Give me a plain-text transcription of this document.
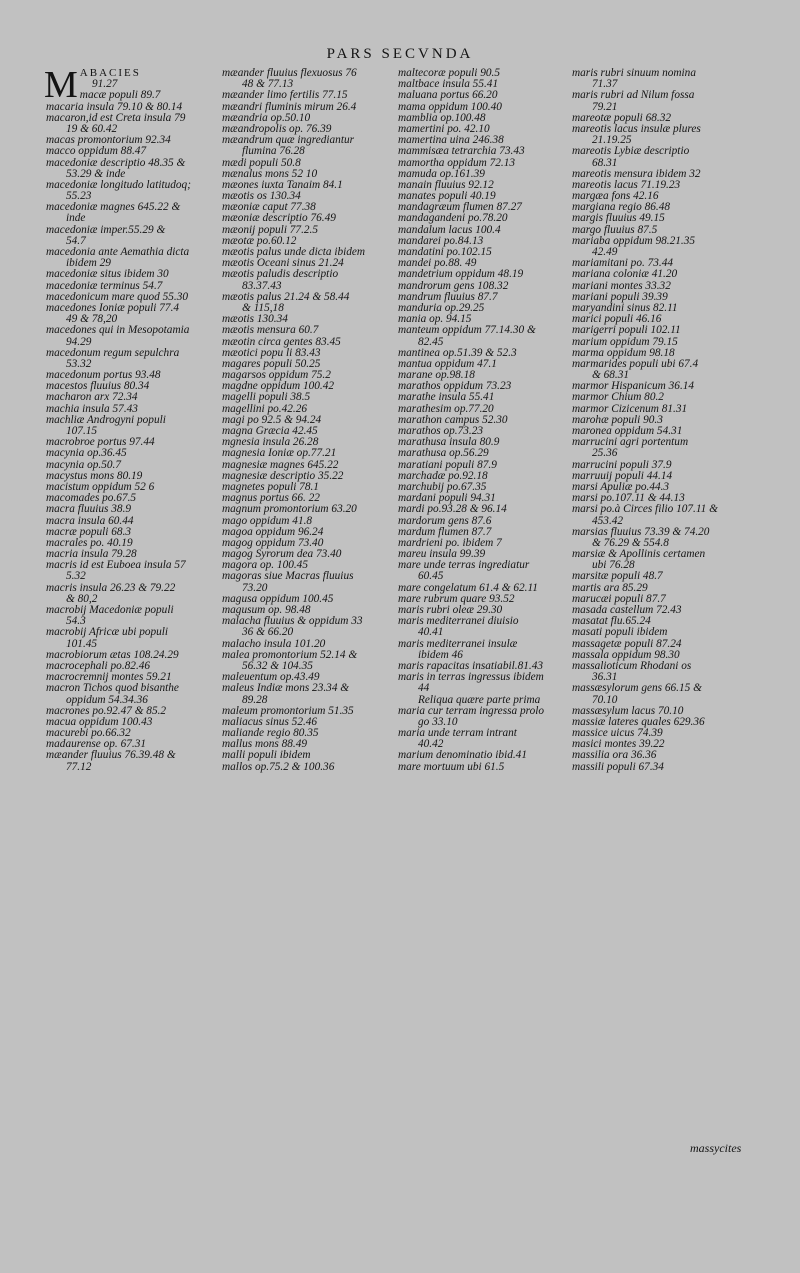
PARS SECVNDA
M ABACIES
91.27
macæ populi 89.7
macaria insula 79.10 & 80.14
macaron,id est Creta insula 79
19 & 60.42
macas promontorium 92.34
macco oppidum 88.47
macedoniæ descriptio 48.35 &
53.29 & inde
macedoniæ longitudo latitudoq;
55.23
macedoniæ magnes 645.22 &
inde
macedoniæ imper.55.29 &
54.7
macedonia ante Aemathia dicta
ibidem 29
macedoniæ situs ibidem 30
macedoniæ terminus 54.7
macedonicum mare quod 55.30
macedones Ioniæ populi 77.4
49 & 78,20
macedones qui in Mesopotamia
94.29
macedonum regum sepulchra
53.32
macedonum portus 93.48
macestos fluuius 80.34
macharon arx 72.34
machia insula 57.43
machliæ Androgyni populi
107.15
macrobroe portus 97.44
macynia op.36.45
macynia op.50.7
macystus mons 80.19
macistum oppidum 52 6
macomades po.67.5
macra fluuius 38.9
macra insula 60.44
macræ populi 68.3
macrales po. 40.19
macria insula 79.28
macris id est Euboea insula 57
5.32
macris insula 26.23 & 79.22
& 80,2
macrobij Macedoniæ populi
54.3
macrobij Africæ ubi populi
101.45
macrobiorum ætas 108.24.29
macrocephali po.82.46
macrocremnij montes 59.21
macron Tichos quod bisanthe
oppidum 54.34.36
macrones po.92.47 & 85.2
macua oppidum 100.43
macurebi po.66.32
madaurense op. 67.31
mæander fluuius 76.39.48 &
77.12
mæander fluuius flexuosus 76
48 & 77.13
mæander limo fertilis 77.15
mæandri fluminis mirum 26.4
mæandria op.50.10
mæandropolis op. 76.39
mæandrum quæ ingrediantur
flumina 76.28
mædi populi 50.8
mænalus mons 52 10
mæones iuxta Tanaim 84.1
mæotis os 130.34
mæoniæ caput 77.38
mæoniæ descriptio 76.49
mæonij populi 77.2.5
mæotæ po.60.12
mæotis palus unde dicta ibidem
mæotis Oceani sinus 21.24
mæotis paludis descriptio
83.37.43
mæotis palus 21.24 & 58.44
& 115,18
mæotis 130.34
mæotis mensura 60.7
mæotin circa gentes 83.45
mæotici popu li 83.43
magares populi 50.25
magarsos oppidum 75.2
magdne oppidum 100.42
magelli populi 38.5
magellini po.42.26
magi po 92.5 & 94.24
magna Græcia 42.45
mgnesia insula 26.28
magnesia Ioniæ op.77.21
magnesiæ magnes 645.22
magnesiæ descriptio 35.22
magnetes populi 78.1
magnus portus 66. 22
magnum promontorium 63.20
mago oppidum 41.8
magoa oppidum 96.24
magog oppidum 73.40
magog Syrorum dea 73.40
magora op. 100.45
magoras siue Macras fluuius
73.20
magusa oppidum 100.45
magusum op. 98.48
malacha fluuius & oppidum 33
36 & 66.20
malacho insula 101.20
malea promontorium 52.14 &
56.32 & 104.35
maleuentum op.43.49
maleus Indiæ mons 23.34 &
89.28
maleum promontorium 51.35
maliacus sinus 52.46
maliande regio 80.35
mallus mons 88.49
malli populi ibidem
mallos op.75.2 & 100.36
maltecoræ populi 90.5
maltbace insula 55.41
maluana portus 66.20
mama oppidum 100.40
mamblia op.100.48
mamertini po. 42.10
mamertina uina 246.38
mammisæa tetrarchia 73.43
mamortha oppidum 72.13
mamuda op.161.39
manain fluuius 92.12
manates populi 40.19
mandagræum flumen 87.27
mandagandeni po.78.20
mandalum lacus 100.4
mandarei po.84.13
mandatini po.102.15
mandei po.88. 49
mandetrium oppidum 48.19
mandrorum gens 108.32
mandrum fluuius 87.7
manduria op.29.25
mania op. 94.15
manteum oppidum 77.14.30 &
82.45
mantinea op.51.39 & 52.3
mantua oppidum 47.1
marane op.98.18
marathos oppidum 73.23
marathe insula 55.41
marathesim op.77.20
marathon campus 52.30
marathos op.73.23
marathusa insula 80.9
marathusa op.56.29
maratiani populi 87.9
marchadæ po.92.18
marchubij po.67.35
mardani populi 94.31
mardi po.93.28 & 96.14
mardorum gens 87.6
mardum flumen 87.7
mardrieni po. ibidem 7
mareu insula 99.39
mare unde terras ingrediatur
60.45
mare congelatum 61.4 & 62.11
mare rubrum quare 93.52
maris rubri oleæ 29.30
maris mediterranei diuisio
40.41
maris mediterranei insulæ
ibidem 46
maris rapacitas insatiabil.81.43
maris in terras ingressus ibidem
44
Reliqua quære parte prima
maria cur terram ingressa prolo
go 33.10
maria unde terram intrant
40.42
marium denominatio ibid.41
mare mortuum ubi 61.5
maris rubri sinuum nomina
71.37
maris rubri ad Nilum fossa
79.21
mareotæ populi 68.32
mareotis lacus insulæ plures
21.19.25
mareotis Lybiæ descriptio
68.31
mareotis mensura ibidem 32
mareotis lacus 71.19.23
margæa fons 42.16
margiana regio 86.48
margis fluuius 49.15
margo fluuius 87.5
mariaba oppidum 98.21.35
42.49
mariamitani po. 73.44
mariana coloniæ 41.20
mariani montes 33.32
mariani populi 39.39
maryandini sinus 82.11
marici populi 46.16
marigerri populi 102.11
marium oppidum 79.15
marma oppidum 98.18
marmarides populi ubi 67.4
& 68.31
marmor Hispanicum 36.14
marmor Chium 80.2
marmor Cizicenum 81.31
marohæ populi 90.3
maronea oppidum 54.31
marrucini agri portentum
25.36
marrucini populi 37.9
marruuij populi 44.14
marsi Apuliæ po.44.3
marsi po.107.11 & 44.13
marsi po.à Circes filio 107.11 &
453.42
marsias fluuius 73.39 & 74.20
& 76.29 & 554.8
marsiæ & Apollinis certamen
ubi 76.28
marsitæ populi 48.7
martis ara 85.29
marucæi populi 87.7
masada castellum 72.43
masatat flu.65.24
masati populi ibidem
massagetæ populi 87.24
massala oppidum 98.30
massalioticum Rhodani os
36.31
massæsylorum gens 66.15 &
70.10
massæsylum lacus 70.10
massiæ lateres quales 629.36
massice uicus 74.39
masici montes 39.22
massilia ora 36.36
massili populi 67.34
massycites
